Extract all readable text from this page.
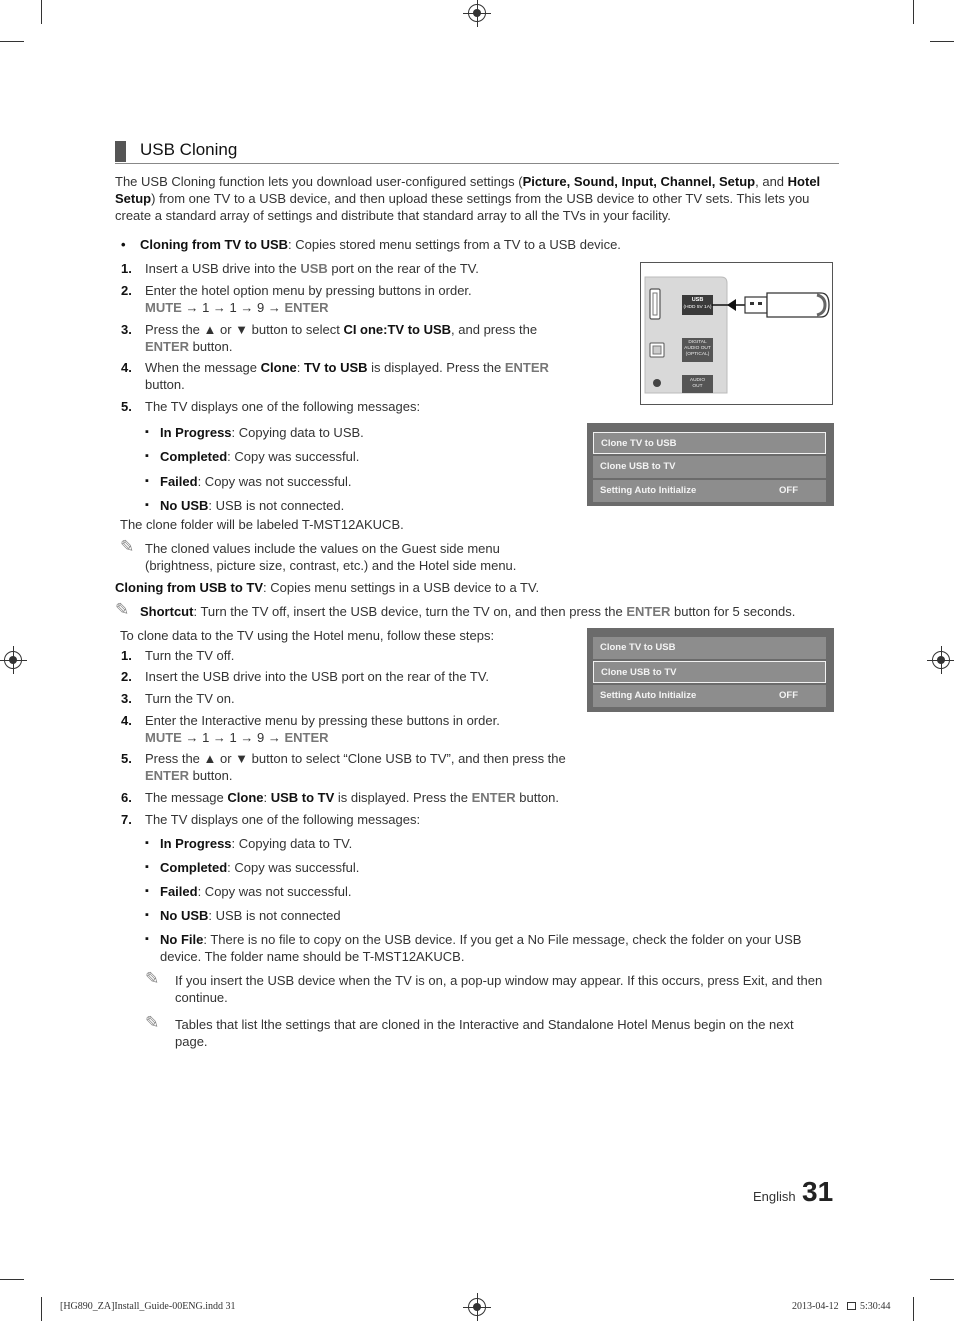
USB Cloning
The USB Cloning function lets you download user-configured settings (Picture, Sound, Input, Channel, Setup, and Hotel
Setup) from one TV to a USB device, and then upload these settings from the USB device to other TV sets. This lets you
create a standard array of settings and distribute that standard array to all the TVs in your facility.
• Cloning from TV to USB: Copies stored menu settings from a TV to a USB device.
1. Insert a USB drive into the USB port on the rear of the TV.
2. Enter the hotel option menu by pressing buttons in order.
MUTE → 1 → 1 → 9 → ENTER
3. Press the ▲ or ▼ button to select CI one:TV to USB, and press the
ENTER button.
4. When the message Clone: TV to USB is displayed. Press the ENTER
button.
5. The TV displays one of the following messages:
▪ In Progress: Copying data to USB.
▪ Completed: Copy was successful.
▪ Failed: Copy was not successful.
▪ No USB: USB is not connected.
The clone folder will be labeled T-MST12AKUCB.
✎ The cloned values include the values on the Guest side menu
(brightness, picture size, contrast, etc.) and the Hotel side menu.
Cloning from USB to TV: Copies menu settings in a USB device to a TV.
✎ Shortcut: Turn the TV off, insert the USB device, turn the TV on, and then press the ENTER button for 5 seconds.
To clone data to the TV using the Hotel menu, follow these steps:
1. Turn the TV off.
2. Insert the USB drive into the USB port on the rear of the TV.
3. Turn the TV on.
4. Enter the Interactive menu by pressing these buttons in order.
MUTE → 1 → 1 → 9 → ENTER
5. Press the ▲ or ▼ button to select “Clone USB to TV”, and then press the
ENTER button.
6. The message Clone: USB to TV is displayed. Press the ENTER button.
7. The TV displays one of the following messages:
▪ In Progress: Copying data to TV.
▪ Completed: Copy was successful.
▪ Failed: Copy was not successful.
▪ No USB: USB is not connected
▪ No File: There is no file to copy on the USB device. If you get a No File message, check the folder on your USB
device. The folder name should be T-MST12AKUCB.
✎ If you insert the USB device when the TV is on, a pop-up window may appear. If this occurs, press Exit, and then
continue.
✎ Tables that list lthe settings that are cloned in the Interactive and Standalone Hotel Menus begin on the next
page.
USB
(HDD 5V 1A)
DIGITAL
AUDIO OUT
(OPTICAL)
AUDIO
OUT
Clone TV to USB
Clone USB to TV
Setting Auto Initialize	OFF
Clone TV to USB
Clone USB to TV
Setting Auto Initialize	OFF
English 31
[HG890_ZA]Install_Guide-00ENG.indd 31	2013-04-12 5:30:44
